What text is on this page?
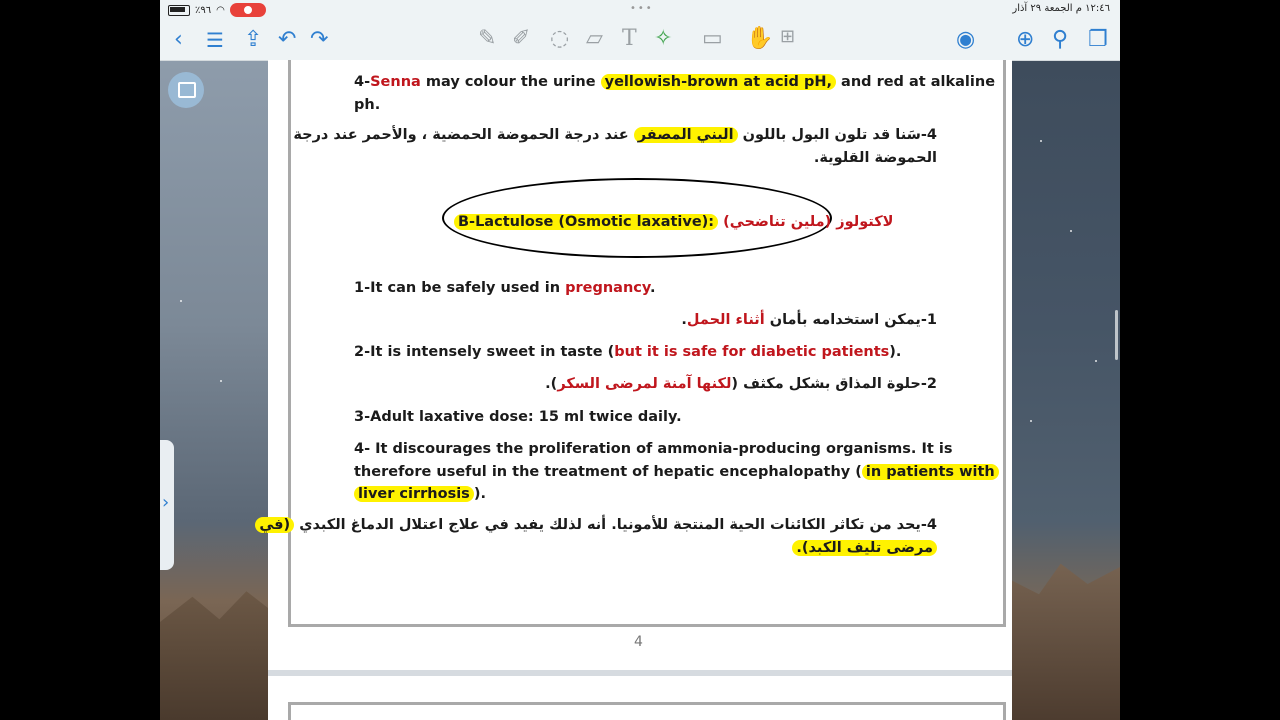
٪٩٦ ◠	•••	١٢:٤٦ م الجمعة ٢٩ آذار
‹ ☰ ⇪ ↶ ↷	✎ ✐ ◌ ▱ T ✧ ▭ ✋ ⊞	◉ ⊕ ⚲ ❐
›
4-Senna may colour the urine yellowish-brown at acid pH, and red at alkaline
ph.
4-سَنا قد تلون البول باللون البني المصفر عند درجة الحموضة الحمضية ، والأحمر عند درجة
الحموضة القلوية.
B-Lactulose (Osmotic laxative): لاكتولوز (ملين تناضحي)
1-It can be safely used in pregnancy.
1-يمكن استخدامه بأمان أثناء الحمل.
2-It is intensely sweet in taste (but it is safe for diabetic patients).
2-حلوة المذاق بشكل مكثف (لكنها آمنة لمرضى السكر).
3-Adult laxative dose: 15 ml twice daily.
4- It discourages the proliferation of ammonia-producing organisms. It is
therefore useful in the treatment of hepatic encephalopathy ( in patients with
liver cirrhosis ).
4-يحد من تكاثر الكائنات الحية المنتجة للأمونيا. أنه لذلك يفيد في علاج اعتلال الدماغ الكبدي (في
مرضى تليف الكبد).
4
